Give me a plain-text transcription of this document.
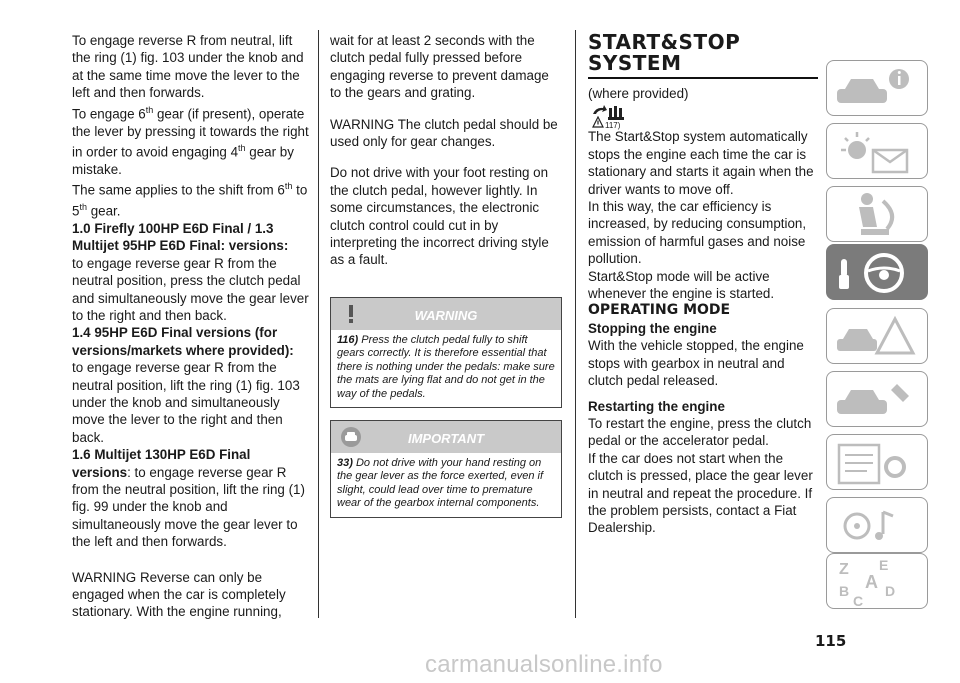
To engage reverse R from neutral, lift the ring (1) fig. 103 under the knob and at the same time move the lever to the left and then forwards.

To engage 6th gear (if present), operate the lever by pressing it towards the right in order to avoid engaging 4th gear by mistake.

The same applies to the shift from 6th to 5th gear.

1.0 Firefly 100HP E6D Final / 1.3 Multijet 95HP E6D Final: versions:

to engage reverse gear R from the neutral position, press the clutch pedal and simultaneously move the gear lever to the right and then back.

1.4 95HP E6D Final versions (for versions/markets where provided):

to engage reverse gear R from the neutral position, lift the ring (1) fig. 103 under the knob and simultaneously move the lever to the right and then back.

1.6 Multijet 130HP E6D Final versions: to engage reverse gear R from the neutral position, lift the ring (1) fig. 99 under the knob and simultaneously move the gear lever to the left and then forwards.

WARNING Reverse can only be engaged when the car is completely stationary. With the engine running,

wait for at least 2 seconds with the clutch pedal fully pressed before engaging reverse to prevent damage to the gears and grating.

WARNING The clutch pedal should be used only for gear changes.

Do not drive with your foot resting on the clutch pedal, however lightly. In some circumstances, the electronic clutch control could cut in by interpreting the incorrect driving style as a fault.

WARNING
116) Press the clutch pedal fully to shift gears correctly. It is therefore essential that there is nothing under the pedals: make sure the mats are lying flat and do not get in the way of the pedals.
IMPORTANT
33) Do not drive with your hand resting on the gear lever as the force exerted, even if slight, could lead over time to premature wear of the gearbox internal components.

START&STOP
SYSTEM

(where provided)

117)

The Start&Stop system automatically stops the engine each time the car is stationary and starts it again when the driver wants to move off.

In this way, the car efficiency is increased, by reducing consumption, emission of harmful gases and noise pollution.

Start&Stop mode will be active whenever the engine is started.

OPERATING MODE

Stopping the engine

With the vehicle stopped, the engine stops with gearbox in neutral and clutch pedal released.

Restarting the engine

To restart the engine, press the clutch pedal or the accelerator pedal.

If the car does not start when the clutch is pressed, place the gear lever in neutral and repeat the procedure. If the problem persists, contact a Fiat Dealership.

Z E
A
B
C
D
115
carmanualsonline.info
